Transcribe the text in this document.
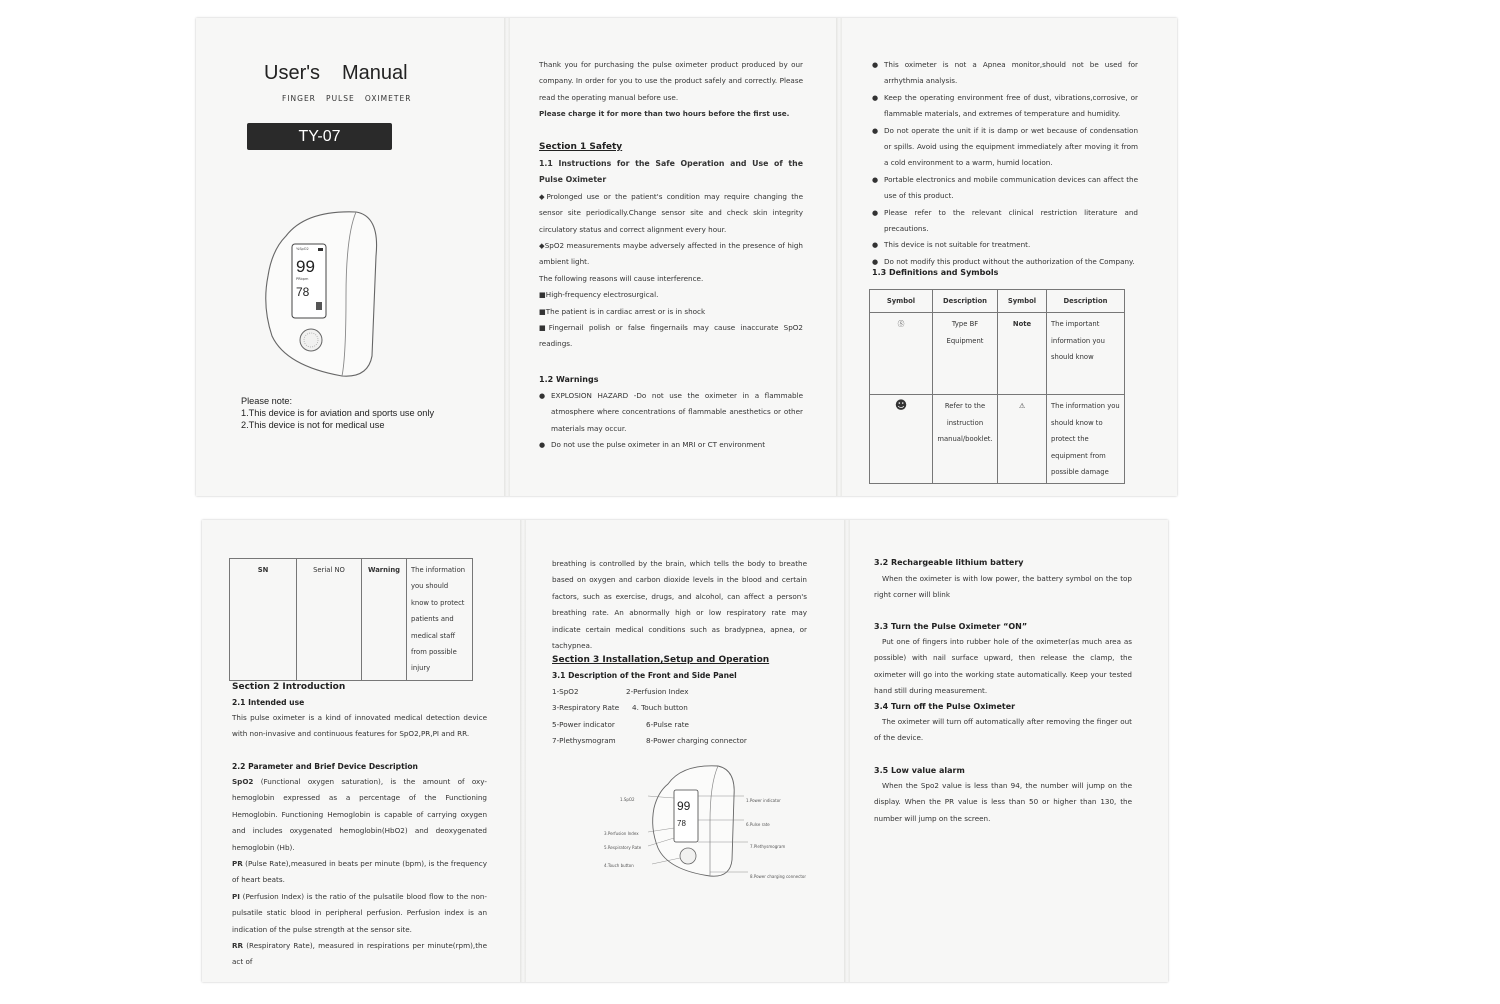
User's Manual
FINGER   PULSE   OXIMETER
TY-07
99
78
%SpO2
PRbpm
Please note:
1.This device is for aviation and sports use only
2.This device is not for medical use

Thank you for purchasing the pulse oximeter product produced by our company. In order for you to use the product safely and correctly. Please read the operating manual before use.

Please charge it for more than two hours before the first use.

Section 1 Safety

1.1 Instructions for the Safe Operation and Use of the Pulse Oximeter

◆Prolonged use or the patient's condition may require changing the sensor site periodically.Change sensor site and check skin integrity circulatory status and correct alignment every hour.

◆SpO2 measurements maybe adversely affected in the presence of high ambient light.

The following reasons will cause interference.

■High-frequency electrosurgical.

■The patient is in cardiac arrest or is in shock

■Fingernail polish or false fingernails may cause inaccurate SpO2 readings.

1.2 Warnings
● EXPLOSION HAZARD -Do not use the oximeter in a flammable atmosphere where concentrations of flammable anesthetics or other materials may occur.
● Do not use the pulse oximeter in an MRI or CT environment
● This oximeter is not a Apnea monitor,should not be used for arrhythmia analysis.
● Keep the operating environment free of dust, vibrations,corrosive, or flammable materials, and extremes of temperature and humidity.
● Do not operate the unit if it is damp or wet because of condensation or spills. Avoid using the equipment immediately after moving it from a cold environment to a warm, humid location.
● Portable electronics and mobile communication devices can affect the use of this product.
● Please refer to the relevant clinical restriction literature and precautions.
● This device is not suitable for treatment.
● Do not modify this product without the authorization of the Company.
1.3 Definitions and Symbols
Symbol	Description	Symbol	Description
Ⓢ	Type BF Equipment	Note	The important information you should know
☻	Refer to the instruction manual/booklet.	⚠	The information you should know to protect the equipment from possible damage
SN	Serial NO	Warning	The information you should know to protect patients and medical staff from possible injury
Section 2 Introduction
2.1 Intended use
This pulse oximeter is a kind of innovated medical detection device with non-invasive and continuous features for SpO2,PR,PI and RR.
2.2 Parameter and Brief Device Description

SpO2 (Functional oxygen saturation), is the amount of oxy-hemoglobin expressed as a percentage of the Functioning Hemoglobin. Functioning Hemoglobin is capable of carrying oxygen and includes oxygenated hemoglobin(HbO2) and deoxygenated hemoglobin (Hb).

PR (Pulse Rate),measured in beats per minute (bpm), is the frequency of heart beats.

PI (Perfusion Index) is the ratio of the pulsatile blood flow to the non-pulsatile static blood in peripheral perfusion. Perfusion index is an indication of the pulse strength at the sensor site.

RR (Respiratory Rate), measured in respirations per minute(rpm),the act of

breathing is controlled by the brain, which tells the body to breathe based on oxygen and carbon dioxide levels in the blood and certain factors, such as exercise, drugs, and alcohol, can affect a person's breathing rate. An abnormally high or low respiratory rate may indicate certain medical conditions such as bradypnea, apnea, or tachypnea.
Section 3 Installation,Setup and Operation
3.1 Description of the Front and Side Panel

1-SpO2	2-Perfusion Index

3-Respiratory Rate 4. Touch button

5-Power indicator	6-Pulse rate

7-Plethysmogram	8-Power charging connector

99
78
1.SpO2
3.Perfusion Index
5.Respiratory Rate
4.Touch button
1.Power indicator
6.Pulse rate
7.Plethysmogram
8.Power charging connector
3.2 Rechargeable lithium battery
When the oximeter is with low power, the battery symbol on the top right corner will blink
3.3 Turn the Pulse Oximeter “ON”
Put one of fingers into rubber hole of the oximeter(as much area as possible) with nail surface upward, then release the clamp, the oximeter will go into the working state automatically. Keep your tested hand still during measurement.
3.4 Turn off the Pulse Oximeter
The oximeter will turn off automatically after removing the finger out of the device.
3.5 Low value alarm
When the Spo2 value is less than 94, the number will jump on the display. When the PR value is less than 50 or higher than 130, the number will jump on the screen.
